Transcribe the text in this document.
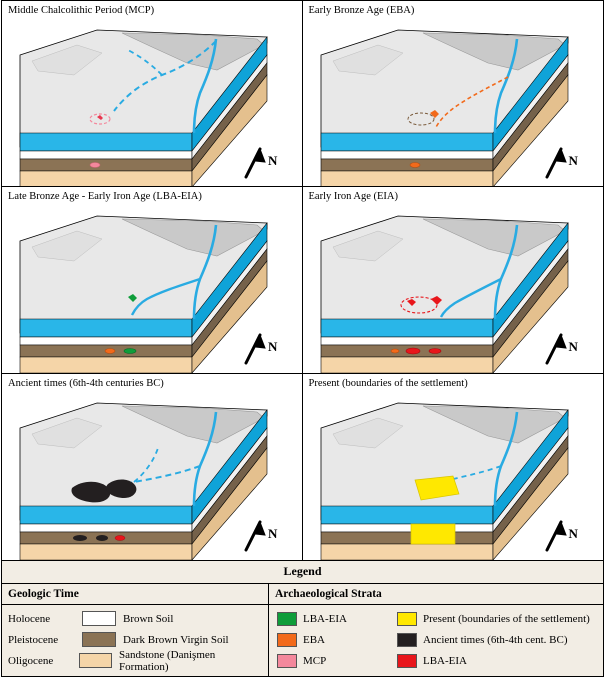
Middle Chalcolithic Period (MCP)
N
Early Bronze Age (EBA)
N
Late Bronze Age - Early Iron Age (LBA-EIA)
N
Early Iron Age (EIA)
N
Ancient times (6th-4th centuries BC)
N
Present (boundaries of the settlement)
N
Legend
Geologic Time
Holocene	Brown Soil
Pleistocene	Dark Brown Virgin Soil
Oligocene	Sandstone (Danişmen Formation)
Archaeological Strata
LBA-EIA	Present (boundaries of the settlement)
EBA	Ancient times (6th-4th cent. BC)
MCP	LBA-EIA
